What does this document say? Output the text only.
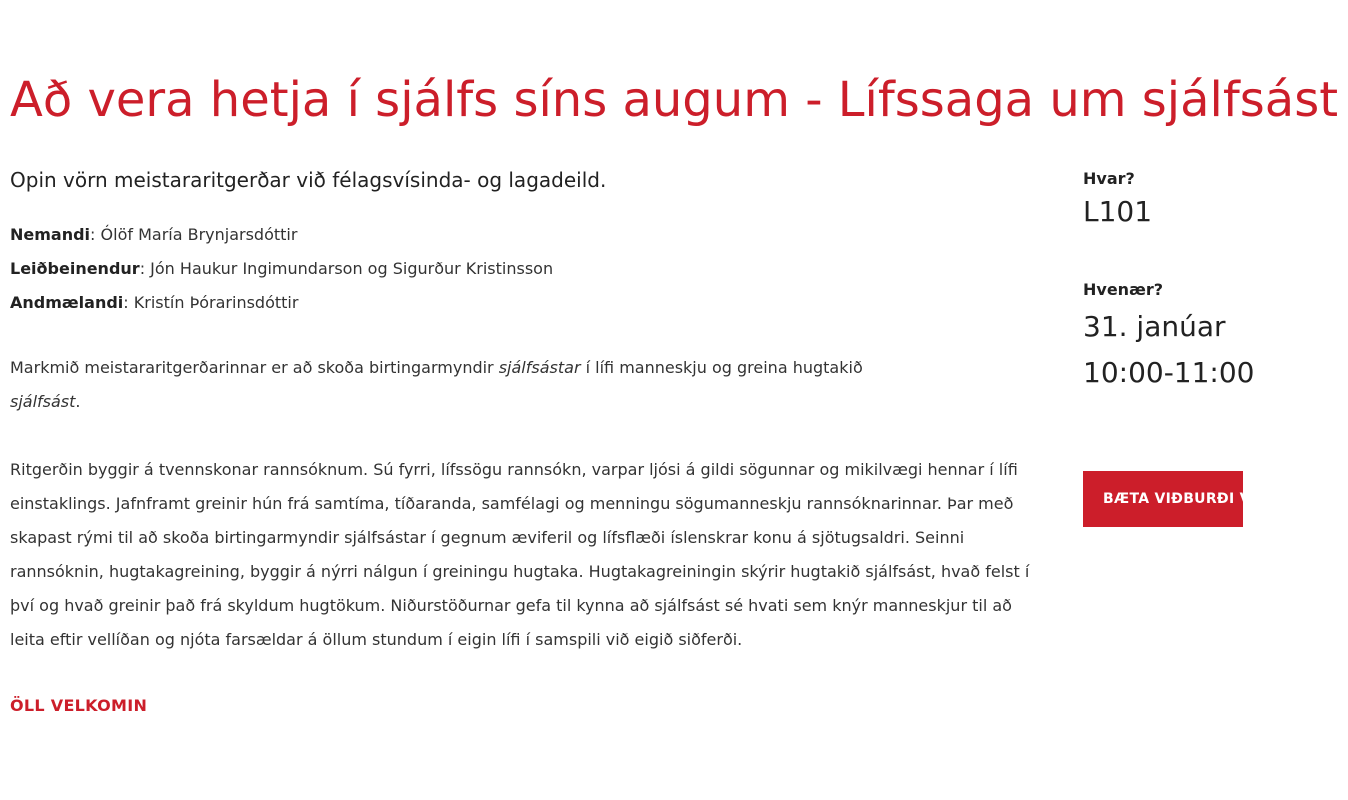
Að vera hetja í sjálfs síns augum - Lífssaga um sjálfsást

Opin vörn meistararitgerðar við félagsvísinda- og lagadeild.

Nemandi: Ólöf María Brynjarsdóttir
Leiðbeinendur: Jón Haukur Ingimundarson og Sigurður Kristinsson
Andmælandi: Kristín Þórarinsdóttir

Markmið meistararitgerðarinnar er að skoða birtingarmyndir sjálfsástar í lífi manneskju og greina hugtakið sjálfsást.

Ritgerðin byggir á tvennskonar rannsóknum. Sú fyrri, lífssögu rannsókn, varpar ljósi á gildi sögunnar og mikilvægi hennar í lífi einstaklings. Jafnframt greinir hún frá samtíma, tíðaranda, samfélagi og menningu sögumanneskju rannsóknarinnar. Þar með skapast rými til að skoða birtingarmyndir sjálfsástar í gegnum æviferil og lífsflæði íslenskrar konu á sjötugsaldri. Seinni rannsóknin, hugtakagreining, byggir á nýrri nálgun í greiningu hugtaka. Hugtakagreiningin skýrir hugtakið sjálfsást, hvað felst í því og hvað greinir það frá skyldum hugtökum. Niðurstöðurnar gefa til kynna að sjálfsást sé hvati sem knýr manneskjur til að leita eftir vellíðan og njóta farsældar á öllum stundum í eigin lífi í samspili við eigið siðferði.

ÖLL VELKOMIN
Hvar?
L101
Hvenær?
31. janúar
10:00-11:00
BÆTA VIÐBURÐI VIÐ DAGATAL
